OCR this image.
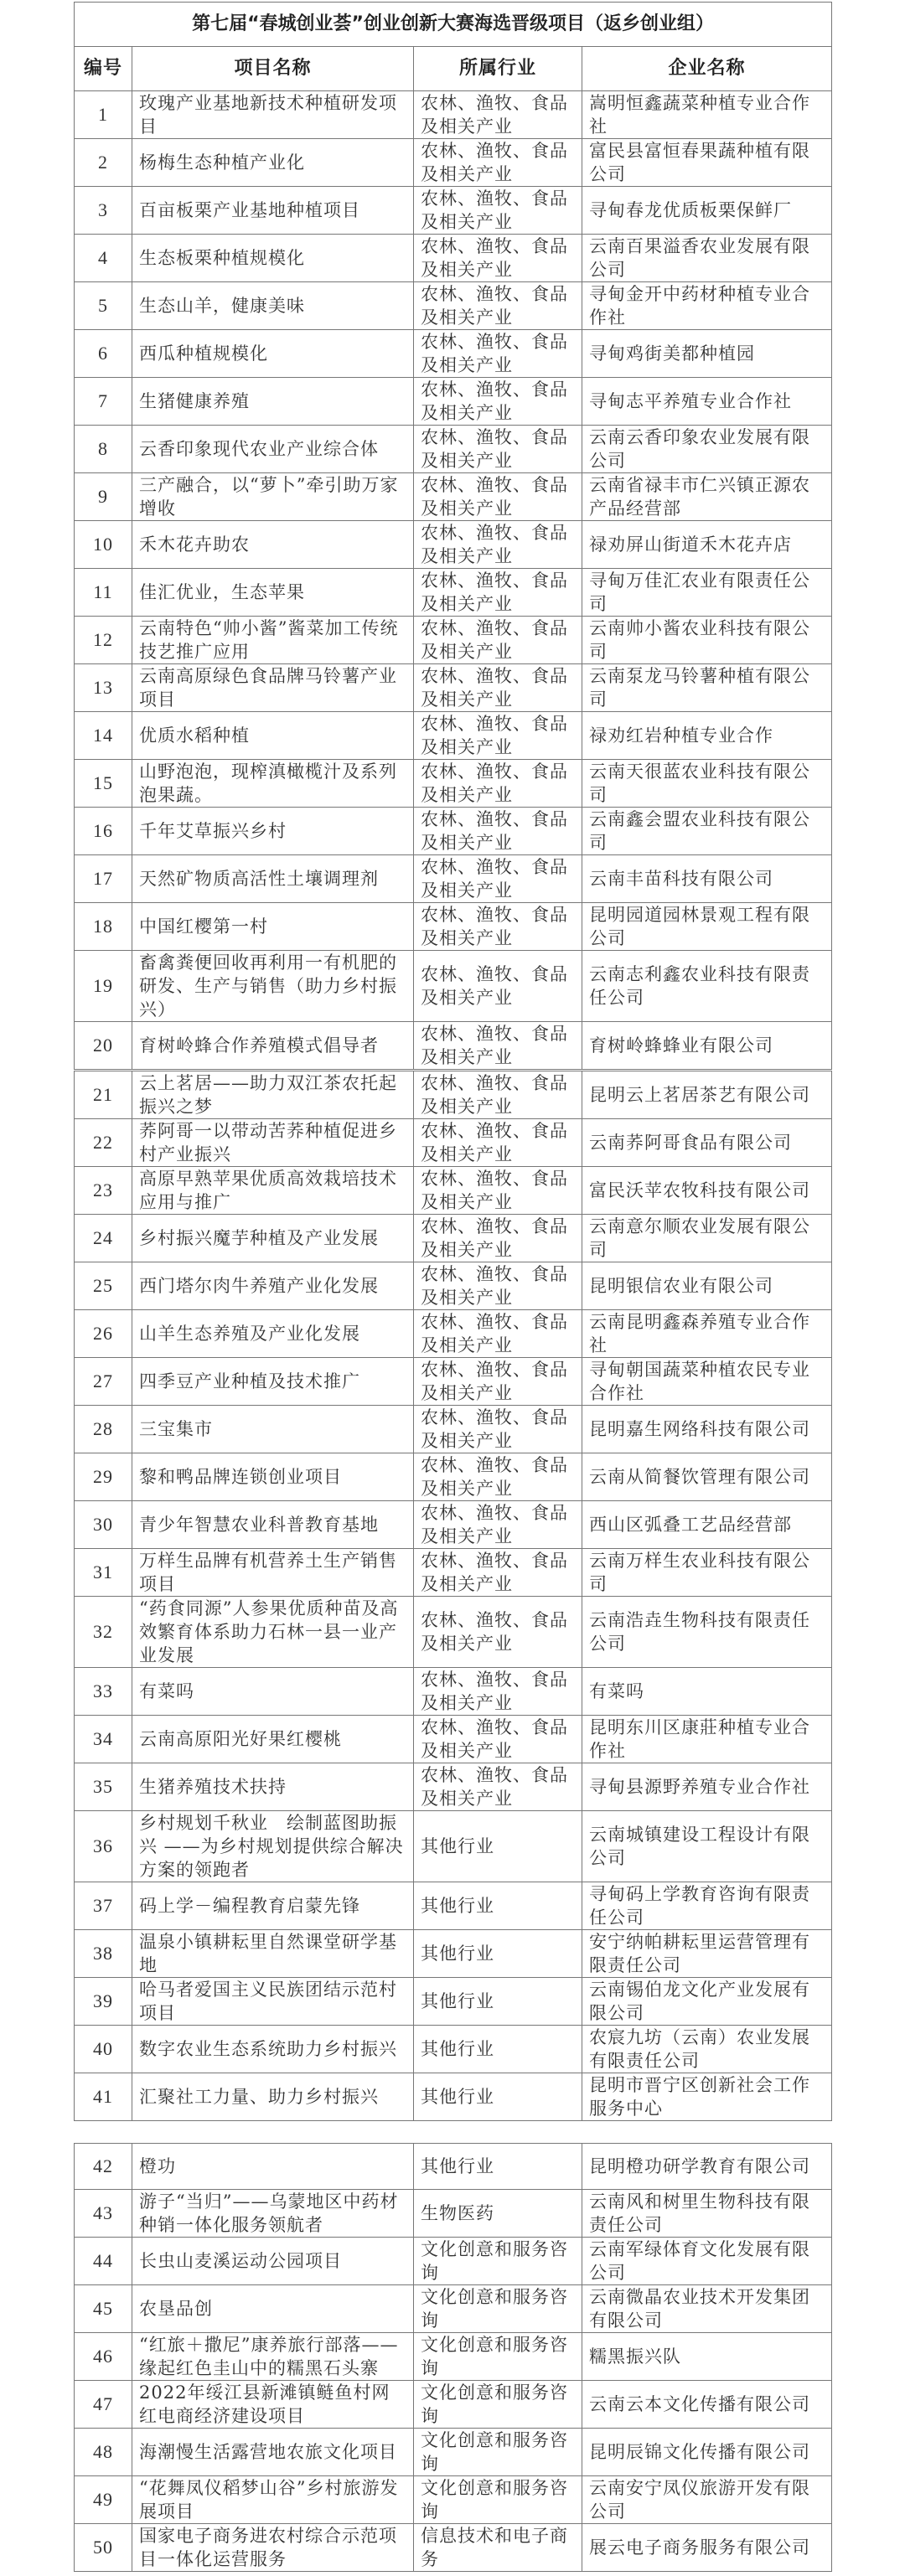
第七届“春城创业荟”创业创新大赛海选晋级项目（返乡创业组）			
编号	项目名称	所属行业	企业名称
1	玫瑰产业基地新技术种植研发项目	农林、渔牧、食品及相关产业	嵩明恒鑫蔬菜种植专业合作社
2	杨梅生态种植产业化	农林、渔牧、食品及相关产业	富民县富恒春果蔬种植有限公司
3	百亩板栗产业基地种植项目	农林、渔牧、食品及相关产业	寻甸春龙优质板栗保鲜厂
4	生态板栗种植规模化	农林、渔牧、食品及相关产业	云南百果溢香农业发展有限公司
5	生态山羊，健康美味	农林、渔牧、食品及相关产业	寻甸金开中药材种植专业合作社
6	西瓜种植规模化	农林、渔牧、食品及相关产业	寻甸鸡街美都种植园
7	生猪健康养殖	农林、渔牧、食品及相关产业	寻甸志平养殖专业合作社
8	云香印象现代农业产业综合体	农林、渔牧、食品及相关产业	云南云香印象农业发展有限公司
9	三产融合，以“萝卜”牵引助万家增收	农林、渔牧、食品及相关产业	云南省禄丰市仁兴镇正源农产品经营部
10	禾木花卉助农	农林、渔牧、食品及相关产业	禄劝屏山街道禾木花卉店
11	佳汇优业，生态苹果	农林、渔牧、食品及相关产业	寻甸万佳汇农业有限责任公司
12	云南特色“帅小酱”酱菜加工传统技艺推广应用	农林、渔牧、食品及相关产业	云南帅小酱农业科技有限公司
13	云南高原绿色食品牌马铃薯产业项目	农林、渔牧、食品及相关产业	云南泵龙马铃薯种植有限公司
14	优质水稻种植	农林、渔牧、食品及相关产业	禄劝红岩种植专业合作
15	山野泡泡，现榨滇橄榄汁及系列泡果蔬。	农林、渔牧、食品及相关产业	云南天很蓝农业科技有限公司
16	千年艾草振兴乡村	农林、渔牧、食品及相关产业	云南鑫会盟农业科技有限公司
17	天然矿物质高活性土壤调理剂	农林、渔牧、食品及相关产业	云南丰苗科技有限公司
18	中国红樱第一村	农林、渔牧、食品及相关产业	昆明园道园林景观工程有限公司
19	畜禽粪便回收再利用一有机肥的研发、生产与销售（助力乡村振兴）	农林、渔牧、食品及相关产业	云南志利鑫农业科技有限责任公司
20	育树岭蜂合作养殖模式倡导者	农林、渔牧、食品及相关产业	育树岭蜂蜂业有限公司
21	云上茗居——助力双江茶农托起振兴之梦	农林、渔牧、食品及相关产业	昆明云上茗居茶艺有限公司
22	荞阿哥一以带动苦荞种植促进乡村产业振兴	农林、渔牧、食品及相关产业	云南荞阿哥食品有限公司
23	高原早熟苹果优质高效栽培技术应用与推广	农林、渔牧、食品及相关产业	富民沃苹农牧科技有限公司
24	乡村振兴魔芋种植及产业发展	农林、渔牧、食品及相关产业	云南意尔顺农业发展有限公司
25	西门塔尔肉牛养殖产业化发展	农林、渔牧、食品及相关产业	昆明银信农业有限公司
26	山羊生态养殖及产业化发展	农林、渔牧、食品及相关产业	云南昆明鑫森养殖专业合作社
27	四季豆产业种植及技术推广	农林、渔牧、食品及相关产业	寻甸朝国蔬菜种植农民专业合作社
28	三宝集市	农林、渔牧、食品及相关产业	昆明嘉生网络科技有限公司
29	黎和鸭品牌连锁创业项目	农林、渔牧、食品及相关产业	云南从简餐饮管理有限公司
30	青少年智慧农业科普教育基地	农林、渔牧、食品及相关产业	西山区弧叠工艺品经营部
31	万样生品牌有机营养土生产销售项目	农林、渔牧、食品及相关产业	云南万样生农业科技有限公司
32	“药食同源”人参果优质种苗及高效繁育体系助力石林一县一业产业发展	农林、渔牧、食品及相关产业	云南浩垚生物科技有限责任公司
33	有菜吗	农林、渔牧、食品及相关产业	有菜吗
34	云南高原阳光好果红樱桃	农林、渔牧、食品及相关产业	昆明东川区康莊种植专业合作社
35	生猪养殖技术扶持	农林、渔牧、食品及相关产业	寻甸县源野养殖专业合作社
36	乡村规划千秋业　绘制蓝图助振兴 ——为乡村规划提供综合解决方案的领跑者	其他行业	云南城镇建设工程设计有限公司
37	码上学－编程教育启蒙先锋	其他行业	寻甸码上学教育咨询有限责任公司
38	温泉小镇耕耘里自然课堂研学基地	其他行业	安宁纳帕耕耘里运营管理有限责任公司
39	哈马者爱国主义民族团结示范村项目	其他行业	云南锡伯龙文化产业发展有限公司
40	数字农业生态系统助力乡村振兴	其他行业	农宸九坊（云南）农业发展有限责任公司
41	汇聚社工力量、助力乡村振兴	其他行业	昆明市晋宁区创新社会工作服务中心
42	橙功	其他行业	昆明橙功研学教育有限公司
43	游子“当归”——乌蒙地区中药材种销一体化服务领航者	生物医药	云南风和树里生物科技有限责任公司
44	长虫山麦溪运动公园项目	文化创意和服务咨询	云南军绿体育文化发展有限公司
45	农垦品创	文化创意和服务咨询	云南微晶农业技术开发集团有限公司
46	“红旅＋撒尼”康养旅行部落——缘起红色圭山中的糯黑石头寨	文化创意和服务咨询	糯黑振兴队
47	2022年绥江县新滩镇鲢鱼村网红电商经济建设项目	文化创意和服务咨询	云南云本文化传播有限公司
48	海潮慢生活露营地农旅文化项目	文化创意和服务咨询	昆明辰锦文化传播有限公司
49	“花舞凤仪稻梦山谷”乡村旅游发展项目	文化创意和服务咨询	云南安宁凤仪旅游开发有限公司
50	国家电子商务进农村综合示范项目一体化运营服务	信息技术和电子商务	展云电子商务服务有限公司
